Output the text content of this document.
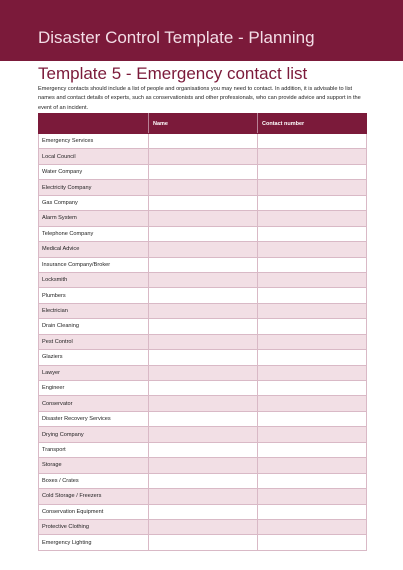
Disaster Control Template - Planning
Template 5 - Emergency contact list

Emergency contacts should include a list of people and organisations you may need to contact. In addition, it is advisable to list names and contact details of experts, such as conservationists and other professionals, who can provide advice and support in the event of an incident.

	Name	Contact number
Emergency Services		
Local Council		
Water Company		
Electricity Company		
Gas Company		
Alarm System		
Telephone Company		
Medical Advice		
Insurance Company/Broker		
Locksmith		
Plumbers		
Electrician		
Drain Cleaning		
Pest Control		
Glaziers		
Lawyer		
Engineer		
Conservator		
Disaster Recovery Services		
Drying Company		
Transport		
Storage		
Boxes / Crates		
Cold Storage / Freezers		
Conservation Equipment		
Protective Clothing		
Emergency Lighting		
